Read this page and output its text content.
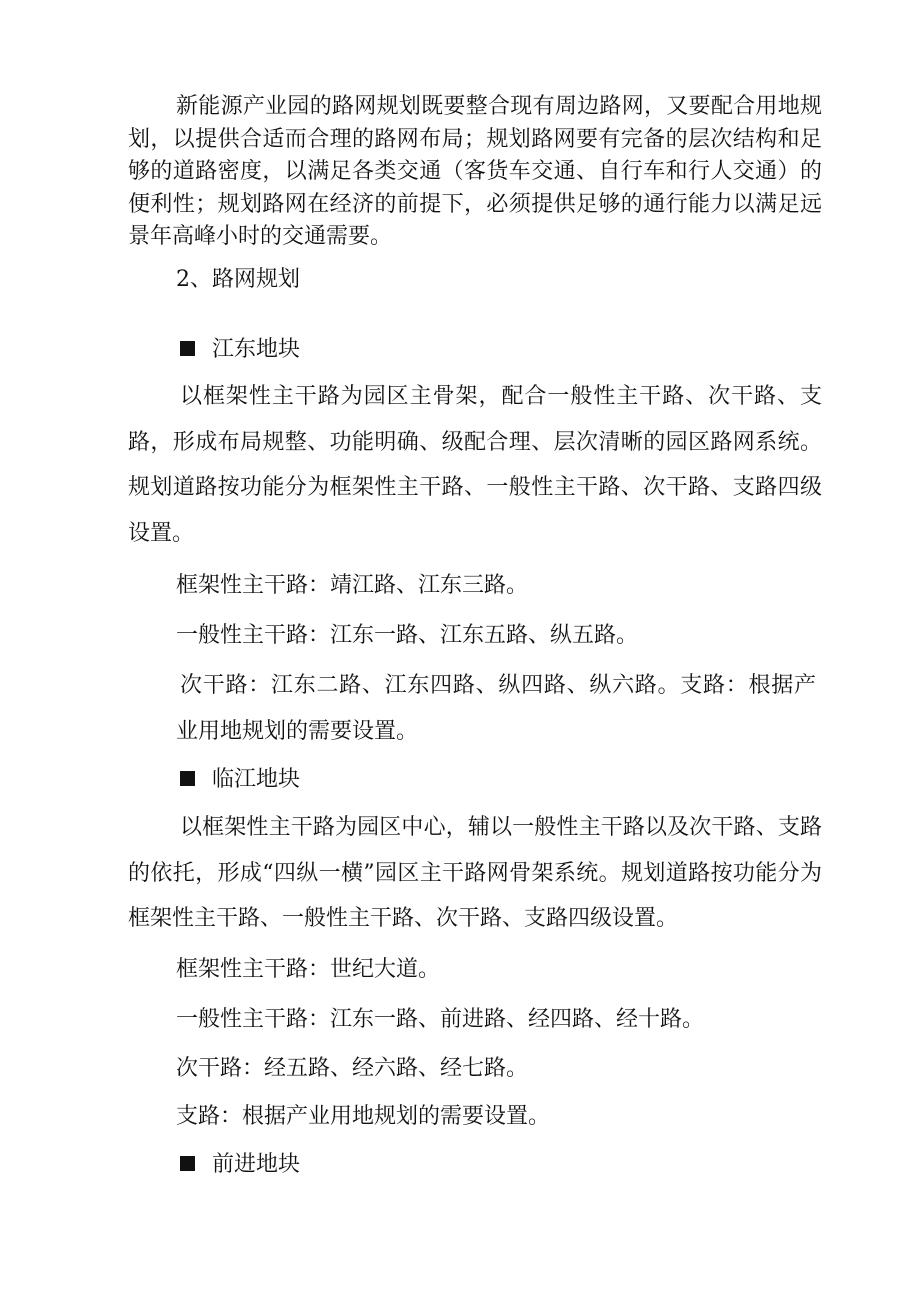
新能源产业园的路网规划既要整合现有周边路网，又要配合用地规划，以提供合适而合理的路网布局；规划路网要有完备的层次结构和足够的道路密度，以满足各类交通（客货车交通、自行车和行人交通）的便利性；规划路网在经济的前提下，必须提供足够的通行能力以满足远景年高峰小时的交通需要。

2、路网规划

江东地块

以框架性主干路为园区主骨架，配合一般性主干路、次干路、支路，形成布局规整、功能明确、级配合理、层次清晰的园区路网系统。规划道路按功能分为框架性主干路、一般性主干路、次干路、支路四级设置。

框架性主干路：靖江路、江东三路。

一般性主干路：江东一路、江东五路、纵五路。

次干路：江东二路、江东四路、纵四路、纵六路。支路：根据产业用地规划的需要设置。

临江地块

以框架性主干路为园区中心，辅以一般性主干路以及次干路、支路的依托，形成“四纵一横”园区主干路网骨架系统。规划道路按功能分为框架性主干路、一般性主干路、次干路、支路四级设置。

框架性主干路：世纪大道。

一般性主干路：江东一路、前进路、经四路、经十路。

次干路：经五路、经六路、经七路。

支路：根据产业用地规划的需要设置。

前进地块
